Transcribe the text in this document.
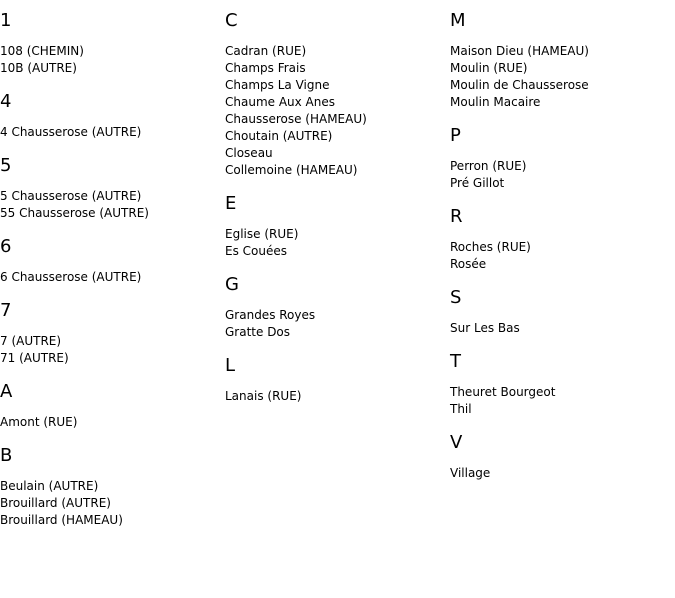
1
108 (CHEMIN)
10B (AUTRE)
4
4 Chausserose (AUTRE)
5
5 Chausserose (AUTRE)
55 Chausserose (AUTRE)
6
6 Chausserose (AUTRE)
7
7 (AUTRE)
71 (AUTRE)
A
Amont (RUE)
B
Beulain (AUTRE)
Brouillard (AUTRE)
Brouillard (HAMEAU)
C
Cadran (RUE)
Champs Frais
Champs La Vigne
Chaume Aux Anes
Chausserose (HAMEAU)
Choutain (AUTRE)
Closeau
Collemoine (HAMEAU)
E
Eglise (RUE)
Es Couées
G
Grandes Royes
Gratte Dos
L
Lanais (RUE)
M
Maison Dieu (HAMEAU)
Moulin (RUE)
Moulin de Chausserose
Moulin Macaire
P
Perron (RUE)
Pré Gillot
R
Roches (RUE)
Rosée
S
Sur Les Bas
T
Theuret Bourgeot
Thil
V
Village
